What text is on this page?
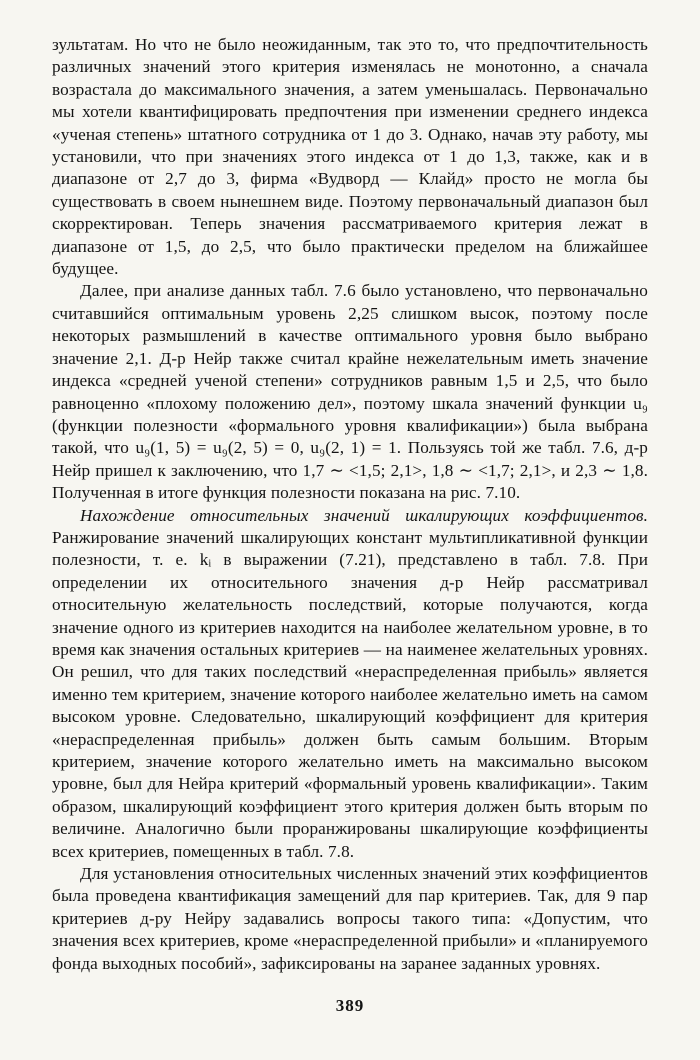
зультатам. Но что не было неожиданным, так это то, что предпочтительность различных значений этого критерия изменялась не монотонно, а сначала возрастала до максимального значения, а затем уменьшалась. Первоначально мы хотели квантифицировать предпочтения при изменении среднего индекса «ученая степень» штатного сотрудника от 1 до 3. Однако, начав эту работу, мы установили, что при значениях этого индекса от 1 до 1,3, также, как и в диапазоне от 2,7 до 3, фирма «Вудворд — Клайд» просто не могла бы существовать в своем нынешнем виде. Поэтому первоначальный диапазон был скорректирован. Теперь значения рассматриваемого критерия лежат в диапазоне от 1,5, до 2,5, что было практически пределом на ближайшее будущее.

Далее, при анализе данных табл. 7.6 было установлено, что первоначально считавшийся оптимальным уровень 2,25 слишком высок, поэтому после некоторых размышлений в качестве оптимального уровня было выбрано значение 2,1. Д-р Нейр также считал крайне нежелательным иметь значение индекса «средней ученой степени» сотрудников равным 1,5 и 2,5, что было равноценно «плохому положению дел», поэтому шкала значений функции u₉ (функции полезности «формального уровня квалификации») была выбрана такой, что u₉(1, 5) = u₉(2, 5) = 0, u₉(2, 1) = 1. Пользуясь той же табл. 7.6, д-р Нейр пришел к заключению, что 1,7 ∼ <1,5; 2,1>, 1,8 ∼ <1,7; 2,1>, и 2,3 ∼ 1,8. Полученная в итоге функция полезности показана на рис. 7.10.

Нахождение относительных значений шкалирующих коэффициентов. Ранжирование значений шкалирующих констант мультипликативной функции полезности, т. е. kᵢ в выражении (7.21), представлено в табл. 7.8. При определении их относительного значения д-р Нейр рассматривал относительную желательность последствий, которые получаются, когда значение одного из критериев находится на наиболее желательном уровне, в то время как значения остальных критериев — на наименее желательных уровнях. Он решил, что для таких последствий «нераспределенная прибыль» является именно тем критерием, значение которого наиболее желательно иметь на самом высоком уровне. Следовательно, шкалирующий коэффициент для критерия «нераспределенная прибыль» должен быть самым большим. Вторым критерием, значение которого желательно иметь на максимально высоком уровне, был для Нейра критерий «формальный уровень квалификации». Таким образом, шкалирующий коэффициент этого критерия должен быть вторым по величине. Аналогично были проранжированы шкалирующие коэффициенты всех критериев, помещенных в табл. 7.8.

Для установления относительных численных значений этих коэффициентов была проведена квантификация замещений для пар критериев. Так, для 9 пар критериев д-ру Нейру задавались вопросы такого типа: «Допустим, что значения всех критериев, кроме «нераспределенной прибыли» и «планируемого фонда выходных пособий», зафиксированы на заранее заданных уровнях.

389
